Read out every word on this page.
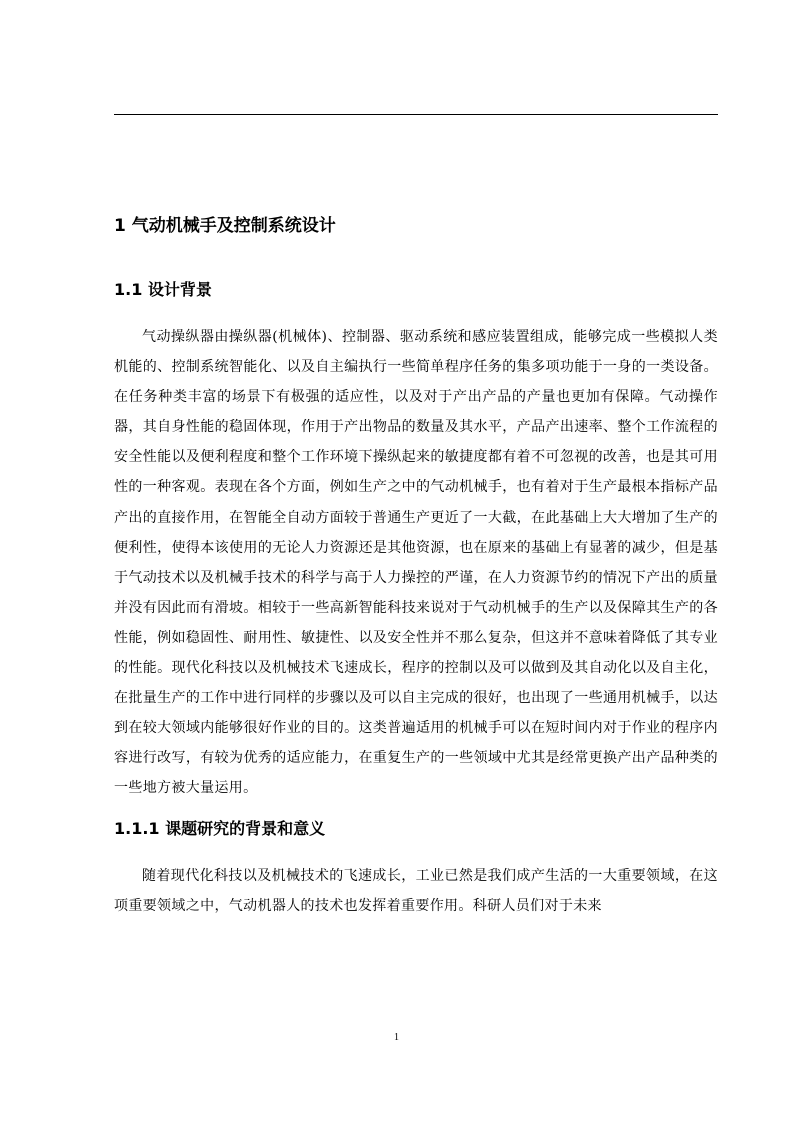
1 气动机械手及控制系统设计
1.1 设计背景

气动操纵器由操纵器(机械体)、控制器、驱动系统和感应装置组成，能够完成一些模拟人类机能的、控制系统智能化、以及自主编执行一些简单程序任务的集多项功能于一身的一类设备。在任务种类丰富的场景下有极强的适应性，以及对于产出产品的产量也更加有保障。气动操作器，其自身性能的稳固体现，作用于产出物品的数量及其水平，产品产出速率、整个工作流程的安全性能以及便利程度和整个工作环境下操纵起来的敏捷度都有着不可忽视的改善，也是其可用性的一种客观。表现在各个方面，例如生产之中的气动机械手，也有着对于生产最根本指标产品产出的直接作用，在智能全自动方面较于普通生产更近了一大截，在此基础上大大增加了生产的便利性，使得本该使用的无论人力资源还是其他资源，也在原来的基础上有显著的减少，但是基于气动技术以及机械手技术的科学与高于人力操控的严谨，在人力资源节约的情况下产出的质量并没有因此而有滑坡。相较于一些高新智能科技来说对于气动机械手的生产以及保障其生产的各性能，例如稳固性、耐用性、敏捷性、以及安全性并不那么复杂，但这并不意味着降低了其专业的性能。现代化科技以及机械技术飞速成长，程序的控制以及可以做到及其自动化以及自主化，在批量生产的工作中进行同样的步骤以及可以自主完成的很好，也出现了一些通用机械手，以达到在较大领域内能够很好作业的目的。这类普遍适用的机械手可以在短时间内对于作业的程序内容进行改写，有较为优秀的适应能力，在重复生产的一些领域中尤其是经常更换产出产品种类的一些地方被大量运用。

1.1.1 课题研究的背景和意义

随着现代化科技以及机械技术的飞速成长，工业已然是我们成产生活的一大重要领域，在这项重要领域之中，气动机器人的技术也发挥着重要作用。科研人员们对于未来

1
